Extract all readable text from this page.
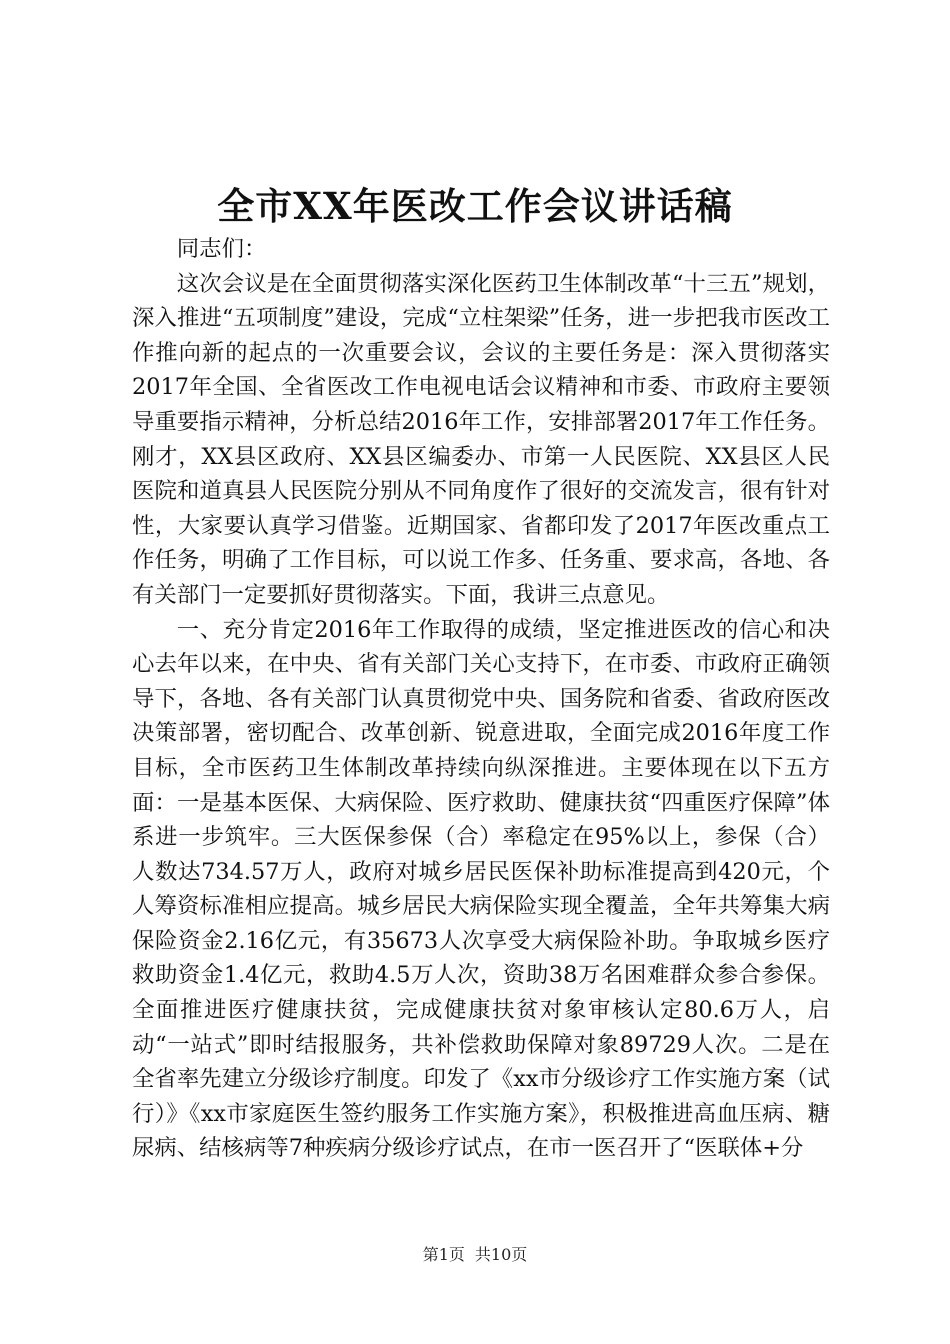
全市XX年医改工作会议讲话稿

同志们：

这次会议是在全面贯彻落实深化医药卫生体制改革“十三五”规划，深入推进“五项制度”建设，完成“立柱架梁”任务，进一步把我市医改工作推向新的起点的一次重要会议，会议的主要任务是：深入贯彻落实2017年全国、全省医改工作电视电话会议精神和市委、市政府主要领导重要指示精神，分析总结2016年工作，安排部署2017年工作任务。刚才，XX县区政府、XX县区编委办、市第一人民医院、XX县区人民医院和道真县人民医院分别从不同角度作了很好的交流发言，很有针对性，大家要认真学习借鉴。近期国家、省都印发了2017年医改重点工作任务，明确了工作目标，可以说工作多、任务重、要求高，各地、各有关部门一定要抓好贯彻落实。下面，我讲三点意见。

一、充分肯定2016年工作取得的成绩，坚定推进医改的信心和决心去年以来，在中央、省有关部门关心支持下，在市委、市政府正确领导下，各地、各有关部门认真贯彻党中央、国务院和省委、省政府医改决策部署，密切配合、改革创新、锐意进取，全面完成2016年度工作目标，全市医药卫生体制改革持续向纵深推进。主要体现在以下五方面：一是基本医保、大病保险、医疗救助、健康扶贫“四重医疗保障”体系进一步筑牢。三大医保参保（合）率稳定在95%以上，参保（合）人数达734.57万人，政府对城乡居民医保补助标准提高到420元，个人筹资标准相应提高。城乡居民大病保险实现全覆盖，全年共筹集大病保险资金2.16亿元，有35673人次享受大病保险补助。争取城乡医疗救助资金1.4亿元，救助4.5万人次，资助38万名困难群众参合参保。全面推进医疗健康扶贫，完成健康扶贫对象审核认定80.6万人，启动“一站式”即时结报服务，共补偿救助保障对象89729人次。二是在全省率先建立分级诊疗制度。印发了《xx市分级诊疗工作实施方案（试行）》《xx市家庭医生签约服务工作实施方案》，积极推进高血压病、糖尿病、结核病等7种疾病分级诊疗试点，在市一医召开了“医联体+分

第1页 共10页
